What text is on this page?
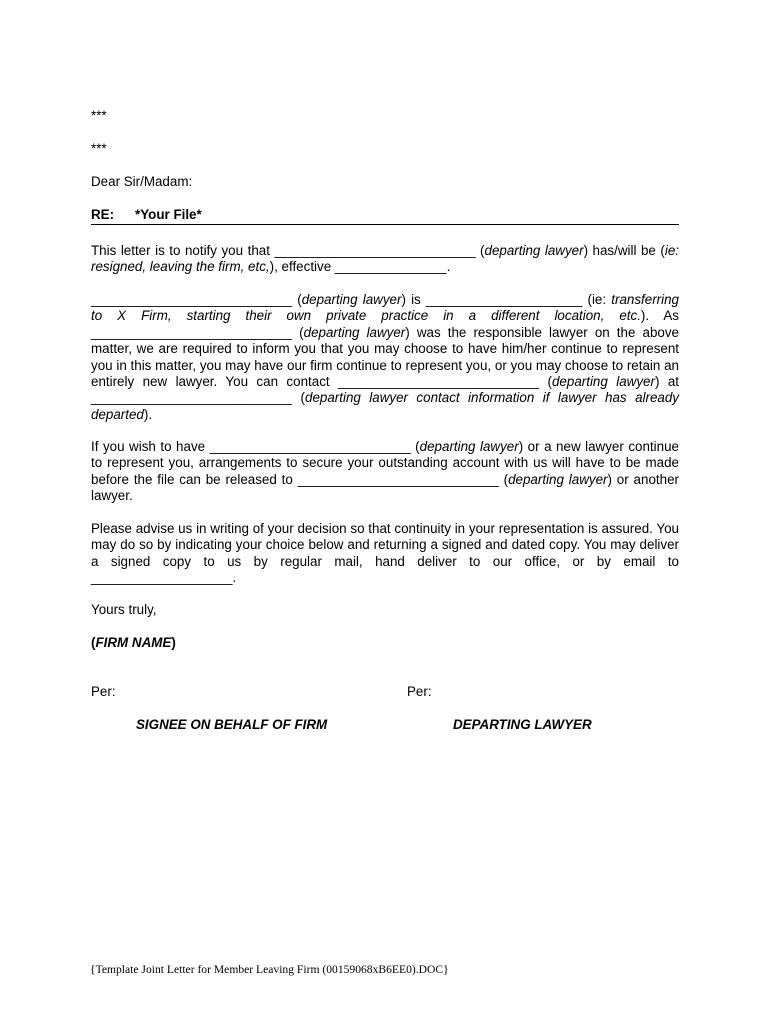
***

***

Dear Sir/Madam:

RE:	*Your File*

This letter is to notify you that ___________________________ (departing lawyer) has/will be (ie: resigned, leaving the firm, etc,), effective _______________.

___________________________ (departing lawyer) is _____________________ (ie: transferring to X Firm, starting their own private practice in a different location, etc.). As ___________________________ (departing lawyer) was the responsible lawyer on the above matter, we are required to inform you that you may choose to have him/her continue to represent you in this matter, you may have our firm continue to represent you, or you may choose to retain an entirely new lawyer. You can contact ___________________________ (departing lawyer) at ___________________________ (departing lawyer contact information if lawyer has already departed).

If you wish to have ___________________________ (departing lawyer) or a new lawyer continue to represent you, arrangements to secure your outstanding account with us will have to be made before the file can be released to ___________________________ (departing lawyer) or another lawyer.

Please advise us in writing of your decision so that continuity in your representation is assured. You may do so by indicating your choice below and returning a signed and dated copy. You may deliver a signed copy to us by regular mail, hand deliver to our office, or by email to ___________________.

Yours truly,

(FIRM NAME)

Per:	Per:
SIGNEE ON BEHALF OF FIRM	DEPARTING LAWYER
{Template Joint Letter for Member Leaving Firm (00159068xB6EE0).DOC}
